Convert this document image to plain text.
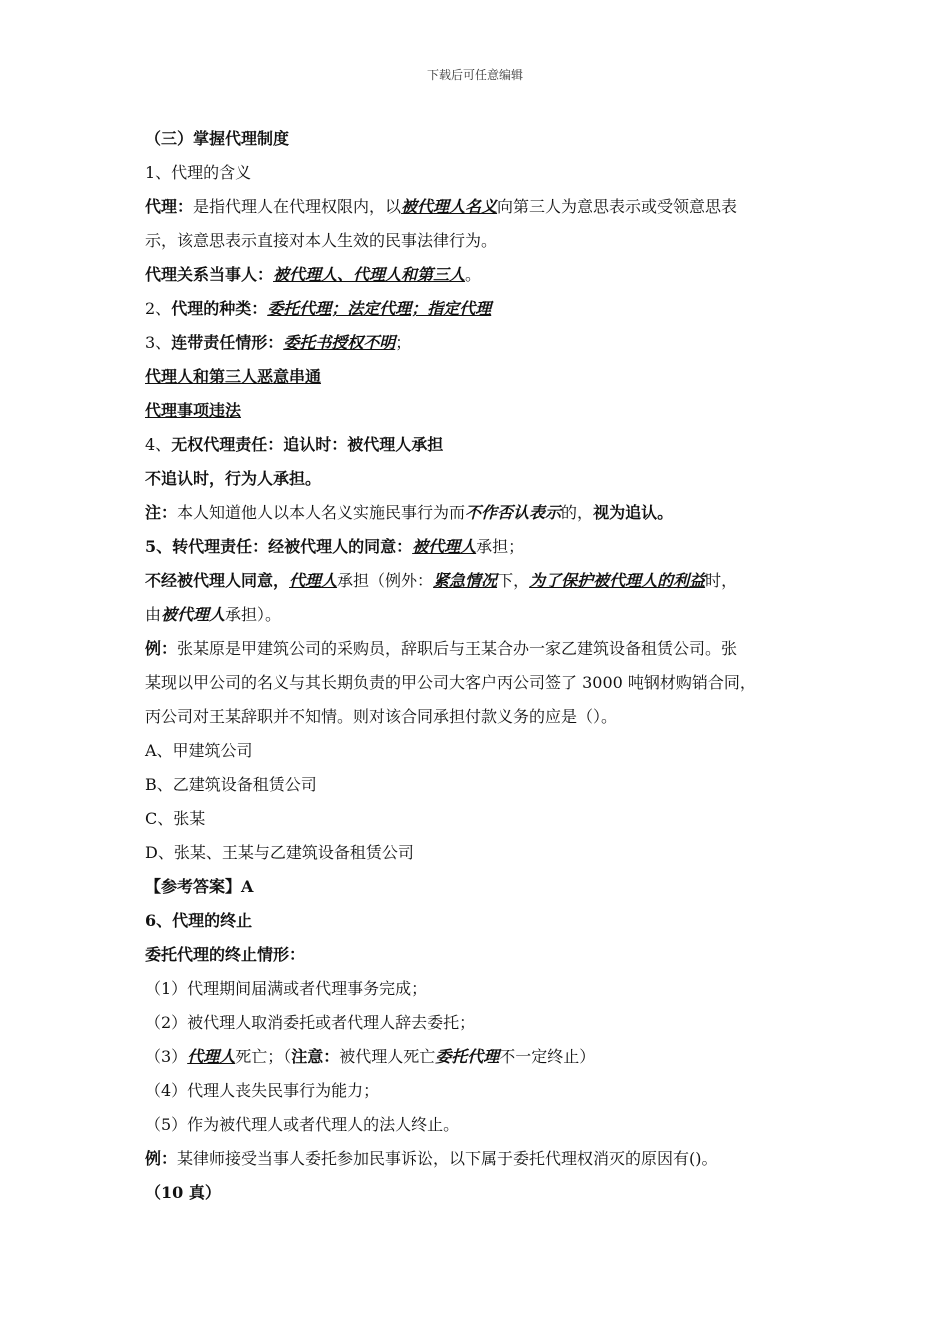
下载后可任意编辑
（三）掌握代理制度
1、代理的含义
代理：是指代理人在代理权限内，以被代理人名义向第三人为意思表示或受领意思表
示，该意思表示直接对本人生效的民事法律行为。
代理关系当事人：被代理人、代理人和第三人。
2、代理的种类：委托代理；法定代理；指定代理
3、连带责任情形：委托书授权不明；
代理人和第三人恶意串通
代理事项违法
4、无权代理责任：追认时：被代理人承担
不追认时，行为人承担。
注：本人知道他人以本人名义实施民事行为而不作否认表示的，视为追认。
5、转代理责任：经被代理人的同意：被代理人承担；
不经被代理人同意，代理人承担（例外：紧急情况下，为了保护被代理人的利益时，
由被代理人承担）。
例：张某原是甲建筑公司的采购员，辞职后与王某合办一家乙建筑设备租赁公司。张
某现以甲公司的名义与其长期负责的甲公司大客户丙公司签了 3000 吨钢材购销合同，
丙公司对王某辞职并不知情。则对该合同承担付款义务的应是（）。
A、甲建筑公司
B、乙建筑设备租赁公司
C、张某
D、张某、王某与乙建筑设备租赁公司
【参考答案】A
6、代理的终止
委托代理的终止情形：
（1）代理期间届满或者代理事务完成；
（2）被代理人取消委托或者代理人辞去委托；
（3）代理人死亡；（注意：被代理人死亡委托代理不一定终止）
（4）代理人丧失民事行为能力；
（5）作为被代理人或者代理人的法人终止。
例：某律师接受当事人委托参加民事诉讼，以下属于委托代理权消灭的原因有()。
（10 真）
